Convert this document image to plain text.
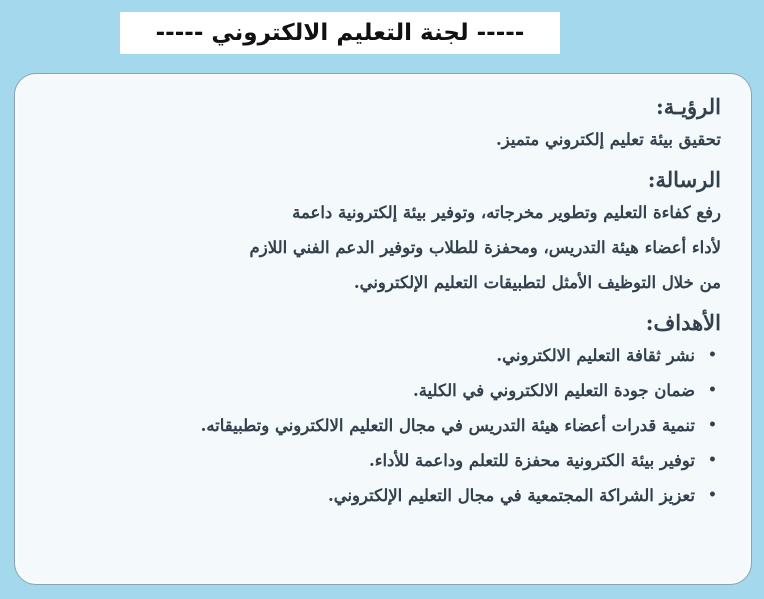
----- لجنة التعليم الالكتروني -----

الرؤيـة:

تحقيق بيئة تعليم إلكتروني متميز.

الرسالة:

رفع كفاءة التعليم وتطوير مخرجاته، وتوفير بيئة إلكترونية داعمة

لأداء أعضاء هيئة التدريس، ومحفزة للطلاب وتوفير الدعم الفني اللازم

من خلال التوظيف الأمثل لتطبيقات التعليم الإلكتروني.

الأهداف:

•
نشر ثقافة التعليم الالكتروني.
•
ضمان جودة التعليم الالكتروني في الكلية.
•
تنمية قدرات أعضاء هيئة التدريس في مجال التعليم الالكتروني وتطبيقاته.
•
توفير بيئة الكترونية محفزة للتعلم وداعمة للأداء.
•
تعزيز الشراكة المجتمعية في مجال التعليم الإلكتروني.
